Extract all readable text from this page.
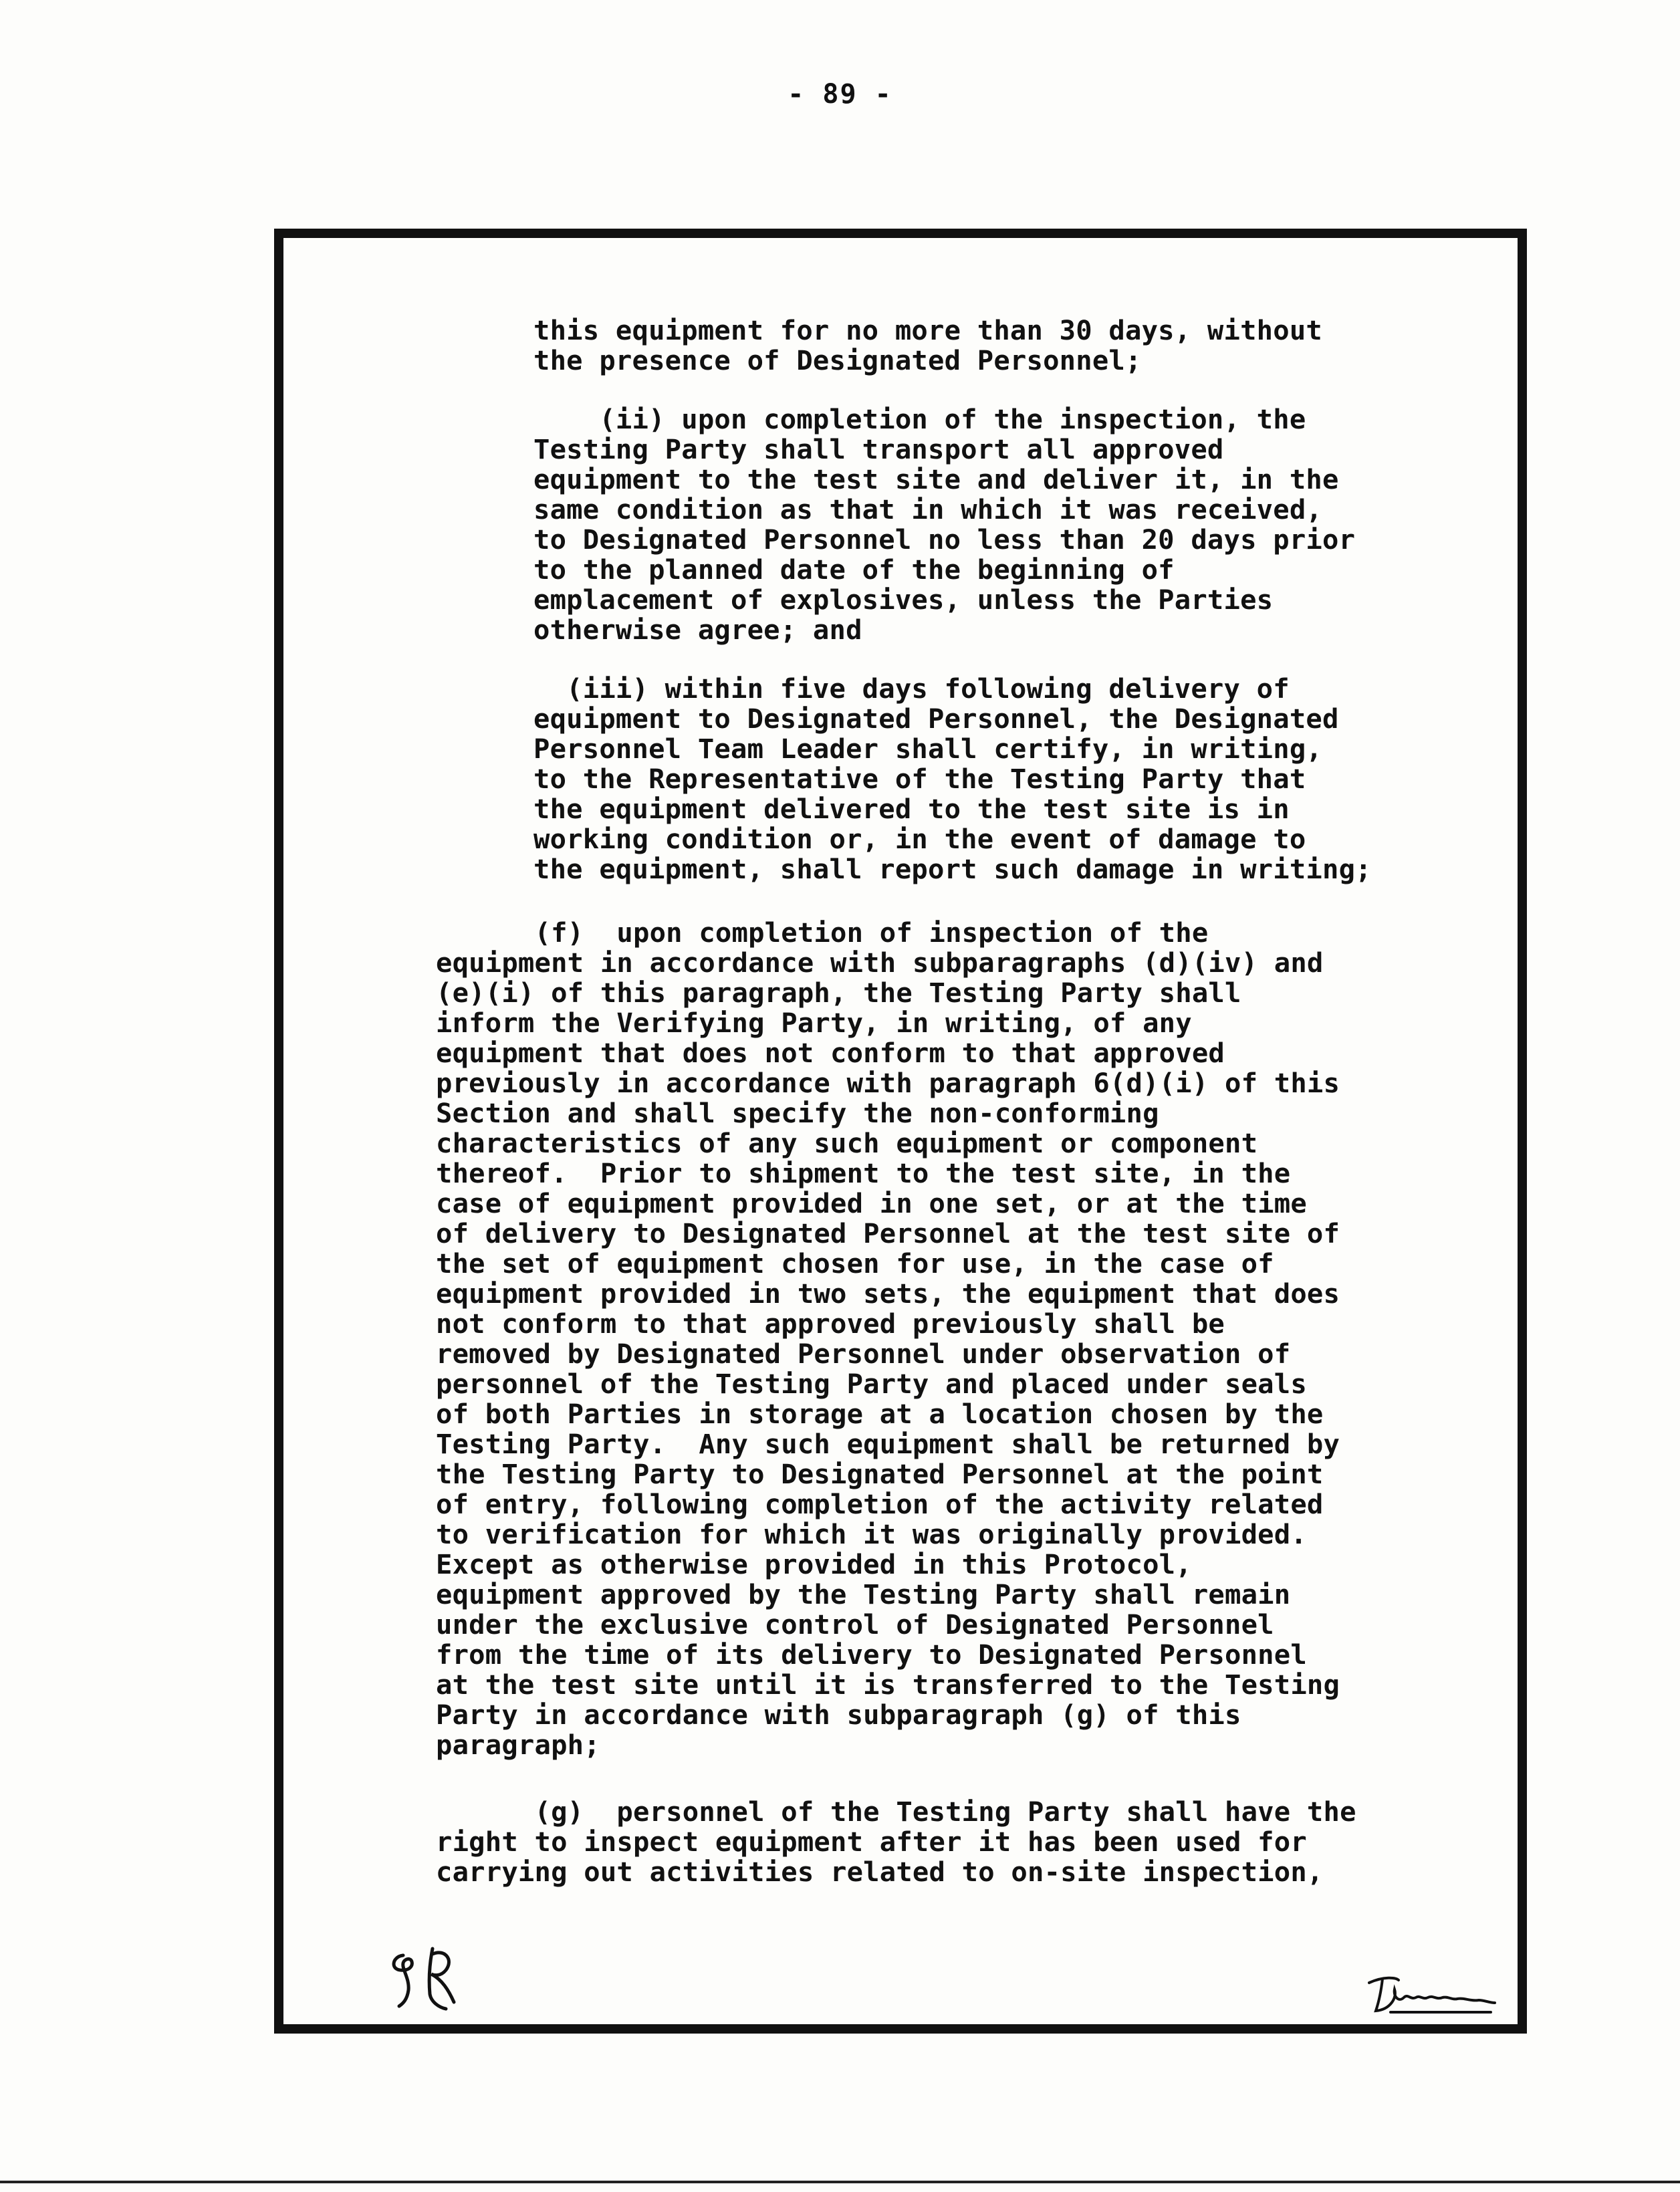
- 89 -
this equipment for no more than 30 days, without
the presence of Designated Personnel;
(ii) upon completion of the inspection, the
Testing Party shall transport all approved
equipment to the test site and deliver it, in the
same condition as that in which it was received,
to Designated Personnel no less than 20 days prior
to the planned date of the beginning of
emplacement of explosives, unless the Parties
otherwise agree; and
(iii) within five days following delivery of
equipment to Designated Personnel, the Designated
Personnel Team Leader shall certify, in writing,
to the Representative of the Testing Party that
the equipment delivered to the test site is in
working condition or, in the event of damage to
the equipment, shall report such damage in writing;
(f)  upon completion of inspection of the
equipment in accordance with subparagraphs (d)(iv) and
(e)(i) of this paragraph, the Testing Party shall
inform the Verifying Party, in writing, of any
equipment that does not conform to that approved
previously in accordance with paragraph 6(d)(i) of this
Section and shall specify the non-conforming
characteristics of any such equipment or component
thereof.  Prior to shipment to the test site, in the
case of equipment provided in one set, or at the time
of delivery to Designated Personnel at the test site of
the set of equipment chosen for use, in the case of
equipment provided in two sets, the equipment that does
not conform to that approved previously shall be
removed by Designated Personnel under observation of
personnel of the Testing Party and placed under seals
of both Parties in storage at a location chosen by the
Testing Party.  Any such equipment shall be returned by
the Testing Party to Designated Personnel at the point
of entry, following completion of the activity related
to verification for which it was originally provided.
Except as otherwise provided in this Protocol,
equipment approved by the Testing Party shall remain
under the exclusive control of Designated Personnel
from the time of its delivery to Designated Personnel
at the test site until it is transferred to the Testing
Party in accordance with subparagraph (g) of this
paragraph;
(g)  personnel of the Testing Party shall have the
right to inspect equipment after it has been used for
carrying out activities related to on-site inspection,
